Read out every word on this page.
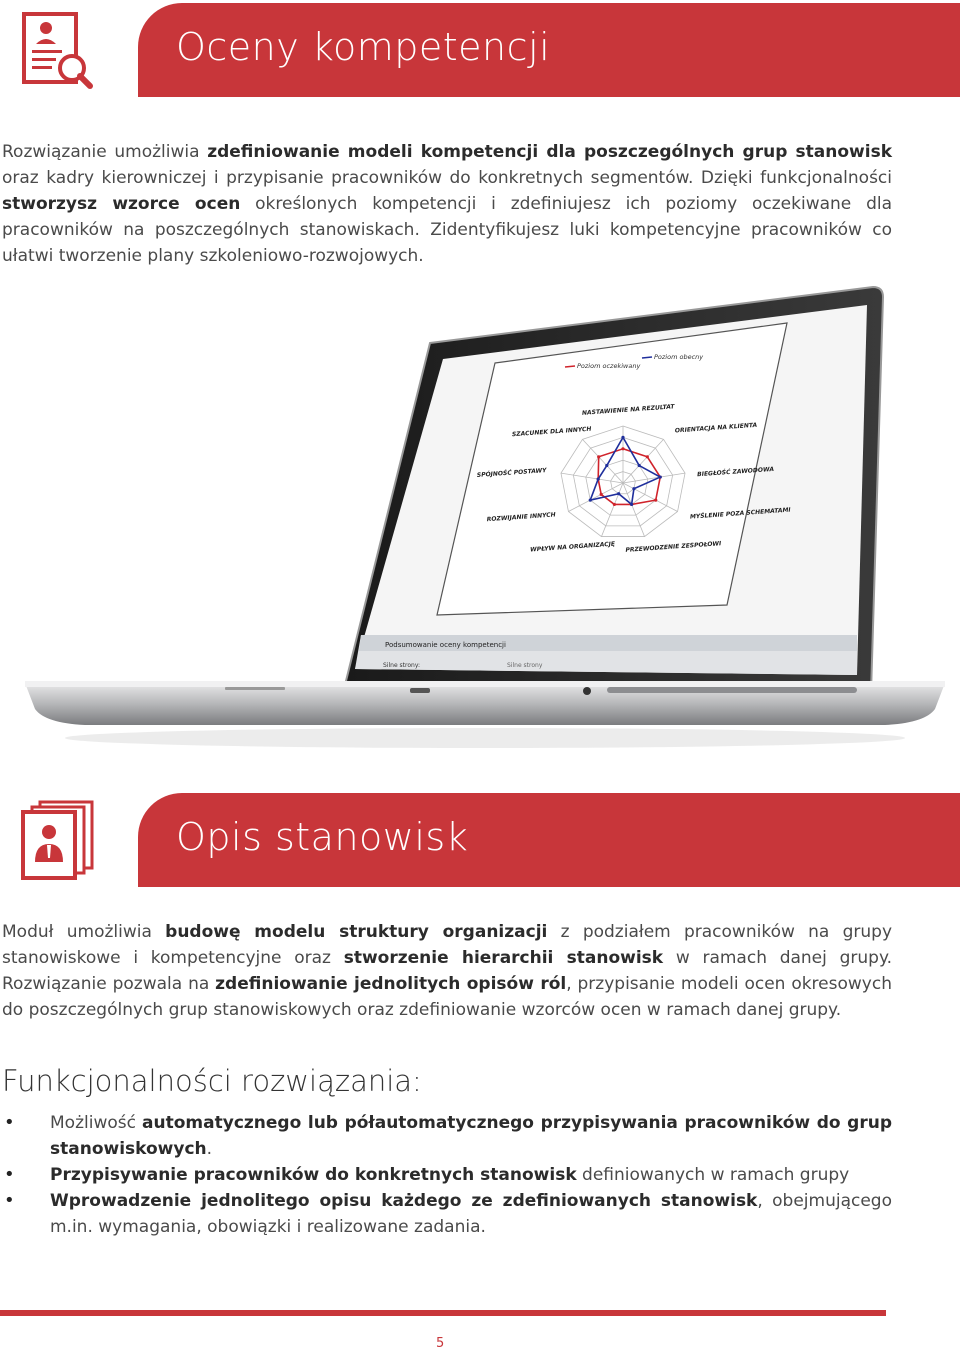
Oceny kompetencji

Rozwiązanie umożliwia zdefiniowanie modeli kompetencji dla poszczególnych grup stanowisk oraz kadry kierowniczej i przypisanie pracowników do konkretnych segmentów. Dzięki funkcjonalności stworzysz wzorce ocen określonych kompetencji i zdefiniujesz ich poziomy oczekiwane dla pracowników na poszczególnych stanowiskach. Zidentyfikujesz luki kompetencyjne pracowników co ułatwi tworzenie plany szkoleniowo-rozwojowych.

Podsumowanie oceny kompetencji
Silne strony:	Silne strony
Poziom oczekiwany
Poziom obecny
NASTAWIENIE NA REZULTAT
ORIENTACJA NA KLIENTA
BIEGŁOŚĆ ZAWODOWA
MYŚLENIE POZA SCHEMATAMI
PRZEWODZENIE ZESPOŁOWI
WPŁYW NA ORGANIZACJĘ
ROZWIJANIE INNYCH
SPÓJNOŚĆ POSTAWY
SZACUNEK DLA INNYCH
Opis stanowisk

Moduł umożliwia budowę modelu struktury organizacji z podziałem pracowników na grupy stanowiskowe i kompetencyjne oraz stworzenie hierarchii stanowisk w ramach danej grupy. Rozwiązanie pozwala na zdefiniowanie jednolitych opisów ról, przypisanie modeli ocen okresowych do poszczególnych grup stanowiskowych oraz zdefiniowanie wzorców ocen w ramach danej grupy.

Funkcjonalności rozwiązania:
• Możliwość automatycznego lub półautomatycznego przypisywania pracowników do grup stanowiskowych.
• Przypisywanie pracowników do konkretnych stanowisk definiowanych w ramach grupy
• Wprowadzenie jednolitego opisu każdego ze zdefiniowanych stanowisk, obejmującego m.in. wymagania, obowiązki i realizowane zadania.
5
